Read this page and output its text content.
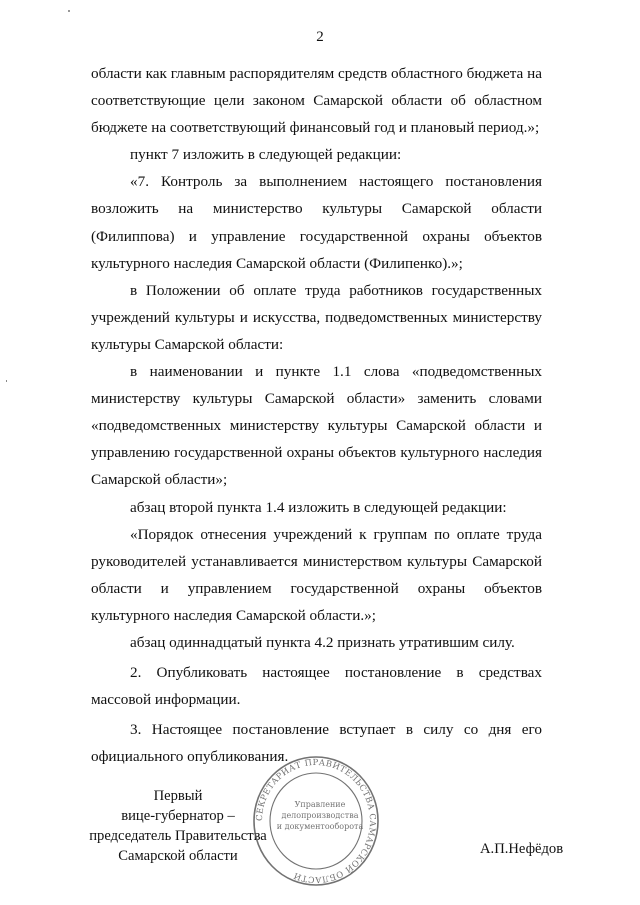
2

области как главным распорядителям средств областного бюджета на соответствующие цели законом Самарской области об областном бюджете на соответствующий финансовый год и плановый период.»;

пункт 7 изложить в следующей редакции:

«7. Контроль за выполнением настоящего постановления возложить на министерство культуры Самарской области (Филиппова) и управление государственной охраны объектов культурного наследия Самарской области (Филипенко).»;

в Положении об оплате труда работников государственных учреждений культуры и искусства, подведомственных министерству культуры Самарской области:

в наименовании и пункте 1.1 слова «подведомственных министерству культуры Самарской области» заменить словами «подведомственных министерству культуры Самарской области и управлению государственной охраны объектов культурного наследия Самарской области»;

абзац второй пункта 1.4 изложить в следующей редакции:

«Порядок отнесения учреждений к группам по оплате труда руководителей устанавливается министерством культуры Самарской области и управлением государственной охраны объектов культурного наследия Самарской области.»;

абзац одиннадцатый пункта 4.2 признать утратившим силу.

2. Опубликовать настоящее постановление в средствах массовой информации.

3. Настоящее постановление вступает в силу со дня его официального опубликования.

Первый
вице-губернатор –
председатель Правительства
Самарской области
СЕКРЕТАРИАТ ПРАВИТЕЛЬСТВА САМАРСКОЙ ОБЛАСТИ
Управление
делопроизводства
и документооборота
А.П.Нефёдов
